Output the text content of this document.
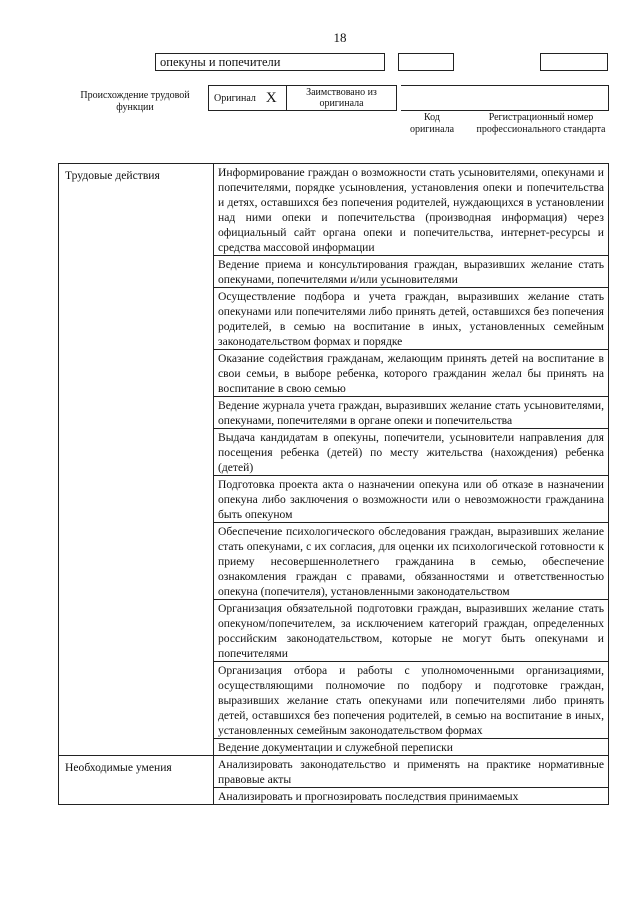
18
опекуны и попечители
Происхождение трудовой функции
Оригинал X	Заимствовано из оригинала
Код оригинала
Регистрационный номер профессионального стандарта
Трудовые действия	Информирование граждан о возможности стать усыновителями, опекунами и попечителями, порядке усыновления, установления опеки и попечительства и детях, оставшихся без попечения родителей, нуждающихся в установлении над ними опеки и попечительства (производная информация) через официальный сайт органа опеки и попечительства, интернет-ресурсы и средства массовой информации
	Ведение приема и консультирования граждан, выразивших желание стать опекунами, попечителями и/или усыновителями
	Осуществление подбора и учета граждан, выразивших желание стать опекунами или попечителями либо принять детей, оставшихся без попечения родителей, в семью на воспитание в иных, установленных семейным законодательством формах и порядке
	Оказание содействия гражданам, желающим принять детей на воспитание в свои семьи, в выборе ребенка, которого гражданин желал бы принять на воспитание в свою семью
	Ведение журнала учета граждан, выразивших желание стать усыновителями, опекунами, попечителями в органе опеки и попечительства
	Выдача кандидатам в опекуны, попечители, усыновители направления для посещения ребенка (детей) по месту жительства (нахождения) ребенка (детей)
	Подготовка проекта акта о назначении опекуна или об отказе в назначении опекуна либо заключения о возможности или о невозможности гражданина быть опекуном
	Обеспечение психологического обследования граждан, выразивших желание стать опекунами, с их согласия, для оценки их психологической готовности к приему несовершеннолетнего гражданина в семью, обеспечение ознакомления граждан с правами, обязанностями и ответственностью опекуна (попечителя), установленными законодательством
	Организация обязательной подготовки граждан, выразивших желание стать опекуном/попечителем, за исключением категорий граждан, определенных российским законодательством, которые не могут быть опекунами и попечителями
	Организация отбора и работы с уполномоченными организациями, осуществляющими полномочие по подбору и подготовке граждан, выразивших желание стать опекунами или попечителями либо принять детей, оставшихся без попечения родителей, в семью на воспитание в иных, установленных семейным законодательством формах
	Ведение документации и служебной переписки
Необходимые умения	Анализировать законодательство и применять на практике нормативные правовые акты
	Анализировать и прогнозировать последствия принимаемых
